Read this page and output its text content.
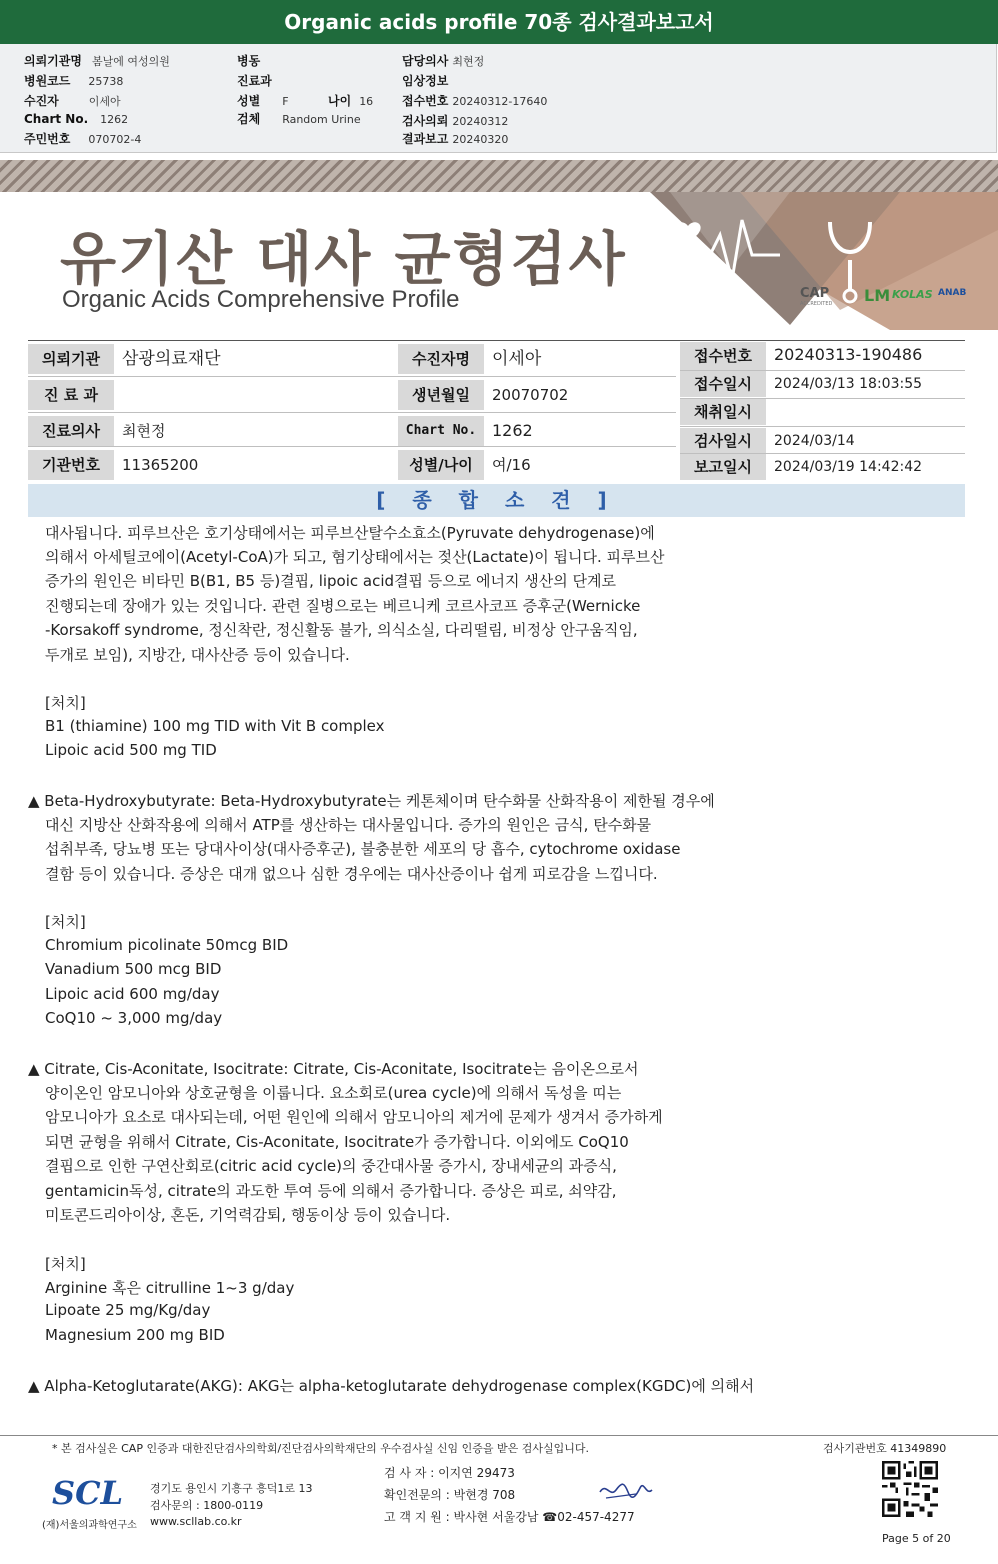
Organic acids profile 70종 검사결과보고서
의뢰기관명 봄날에 여성의원
병원코드 25738
수진자	이세아
Chart No. 1262
주민번호 070702-4
병동
진료과
성별 F	나이 16
검체 Random Urine
담당의사 최현정
임상정보
접수번호 20240312-17640
검사의뢰 20240312
결과보고 20240320
CAP
ACCREDITED LM KOLAS ANAB
유기산 대사 균형검사
Organic Acids Comprehensive Profile
의뢰기관	삼광의료재단
진 료 과
진료의사	최현정
기관번호	11365200
수진자명	이세아
생년월일	20070702
Chart No. 1262
성별/나이	여/16
접수번호	20240313-190486
접수일시	2024/03/13 18:03:55
채취일시
검사일시	2024/03/14
보고일시	2024/03/19 14:42:42
[ 종 합 소 견 ]
대사됩니다. 피루브산은 호기상태에서는 피루브산탈수소효소(Pyruvate dehydrogenase)에
의해서 아세틸코에이(Acetyl-CoA)가 되고, 혐기상태에서는 젖산(Lactate)이 됩니다. 피루브산
증가의 원인은 비타민 B(B1, B5 등)결핍, lipoic acid결핍 등으로 에너지 생산의 단계로
진행되는데 장애가 있는 것입니다. 관련 질병으로는 베르니케 코르사코프 증후군(Wernicke
-Korsakoff syndrome, 정신착란, 정신활동 불가, 의식소실, 다리떨림, 비정상 안구움직임,
두개로 보임), 지방간, 대사산증 등이 있습니다.
[처치]
B1 (thiamine) 100 mg TID with Vit B complex
Lipoic acid 500 mg TID
▲ Beta-Hydroxybutyrate: Beta-Hydroxybutyrate는 케톤체이며 탄수화물 산화작용이 제한될 경우에
대신 지방산 산화작용에 의해서 ATP를 생산하는 대사물입니다. 증가의 원인은 금식, 탄수화물
섭취부족, 당뇨병 또는 당대사이상(대사증후군), 불충분한 세포의 당 흡수, cytochrome oxidase
결함 등이 있습니다. 증상은 대개 없으나 심한 경우에는 대사산증이나 쉽게 피로감을 느낍니다.
[처치]
Chromium picolinate 50mcg BID
Vanadium 500 mcg BID
Lipoic acid 600 mg/day
CoQ10 ~ 3,000 mg/day
▲ Citrate, Cis-Aconitate, Isocitrate: Citrate, Cis-Aconitate, Isocitrate는 음이온으로서
양이온인 암모니아와 상호균형을 이룹니다. 요소회로(urea cycle)에 의해서 독성을 띠는
암모니아가 요소로 대사되는데, 어떤 원인에 의해서 암모니아의 제거에 문제가 생겨서 증가하게
되면 균형을 위해서 Citrate, Cis-Aconitate, Isocitrate가 증가합니다. 이외에도 CoQ10
결핍으로 인한 구연산회로(citric acid cycle)의 중간대사물 증가시, 장내세균의 과증식,
gentamicin독성, citrate의 과도한 투여 등에 의해서 증가합니다. 증상은 피로, 쇠약감,
미토콘드리아이상, 혼돈, 기억력감퇴, 행동이상 등이 있습니다.
[처치]
Arginine 혹은 citrulline 1~3 g/day
Lipoate 25 mg/Kg/day
Magnesium 200 mg BID
▲ Alpha-Ketoglutarate(AKG): AKG는 alpha-ketoglutarate dehydrogenase complex(KGDC)에 의해서
* 본 검사실은 CAP 인증과 대한진단검사의학회/진단검사의학재단의 우수검사실 신임 인증을 받은 검사실입니다.	검사기관번호 41349890
SCL
(재)서울의과학연구소
경기도 용인시 기흥구 흥덕1로 13
검사문의 : 1800-0119
www.scllab.co.kr
검 사 자 : 이지연 29473
확인전문의 : 박현경 708
고 객 지 원 : 박사현 서울강남 ☎02-457-4277
Page 5 of 20
